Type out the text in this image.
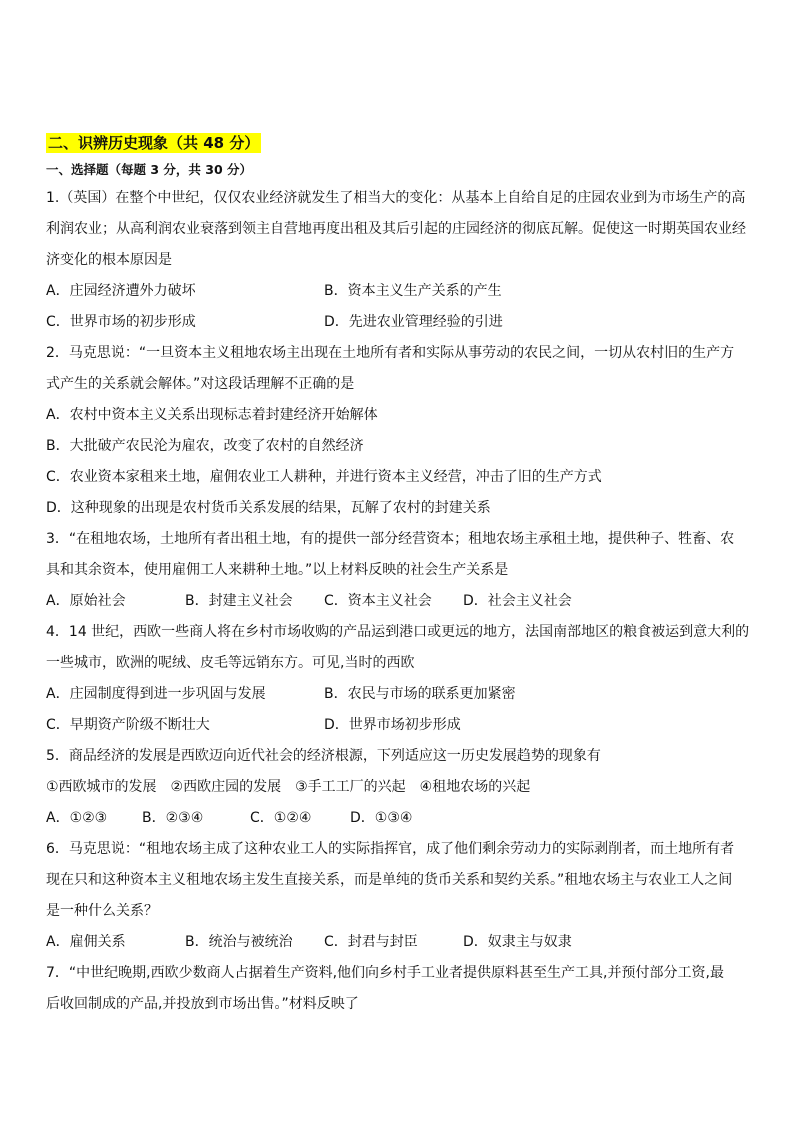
二、识辨历史现象（共 48 分）
一、选择题（每题 3 分，共 30 分）
1.（英国）在整个中世纪，仅仅农业经济就发生了相当大的变化：从基本上自给自足的庄园农业到为市场生产的高
利润农业；从高利润农业衰落到领主自营地再度出租及其后引起的庄园经济的彻底瓦解。促使这一时期英国农业经
济变化的根本原因是
A．庄园经济遭外力破坏	B．资本主义生产关系的产生
C．世界市场的初步形成	D．先进农业管理经验的引进
2．马克思说：“一旦资本主义租地农场主出现在土地所有者和实际从事劳动的农民之间，一切从农村旧的生产方
式产生的关系就会解体。”对这段话理解不正确的是
A．农村中资本主义关系出现标志着封建经济开始解体
B．大批破产农民沦为雇农，改变了农村的自然经济
C．农业资本家租来土地，雇佣农业工人耕种，并进行资本主义经营，冲击了旧的生产方式
D．这种现象的出现是农村货币关系发展的结果，瓦解了农村的封建关系
3．“在租地农场，土地所有者出租土地，有的提供一部分经营资本；租地农场主承租土地，提供种子、牲畜、农
具和其余资本，使用雇佣工人来耕种土地。”以上材料反映的社会生产关系是
A．原始社会	B．封建主义社会	C．资本主义社会	D．社会主义社会
4．14 世纪，西欧一些商人将在乡村市场收购的产品运到港口或更远的地方，法国南部地区的粮食被运到意大利的
一些城市，欧洲的呢绒、皮毛等远销东方。可见,当时的西欧
A．庄园制度得到进一步巩固与发展	B．农民与市场的联系更加紧密
C．早期资产阶级不断壮大	D．世界市场初步形成
5．商品经济的发展是西欧迈向近代社会的经济根源，下列适应这一历史发展趋势的现象有
①西欧城市的发展　②西欧庄园的发展　③手工工厂的兴起　④租地农场的兴起
A．①②③	B．②③④	C．①②④	D．①③④
6．马克思说：“租地农场主成了这种农业工人的实际指挥官，成了他们剩余劳动力的实际剥削者，而土地所有者
现在只和这种资本主义租地农场主发生直接关系，而是单纯的货币关系和契约关系。”租地农场主与农业工人之间
是一种什么关系？
A．雇佣关系	B．统治与被统治	C．封君与封臣	D．奴隶主与奴隶
7．“中世纪晚期,西欧少数商人占据着生产资料,他们向乡村手工业者提供原料甚至生产工具,并预付部分工资,最
后收回制成的产品,并投放到市场出售。”材料反映了
